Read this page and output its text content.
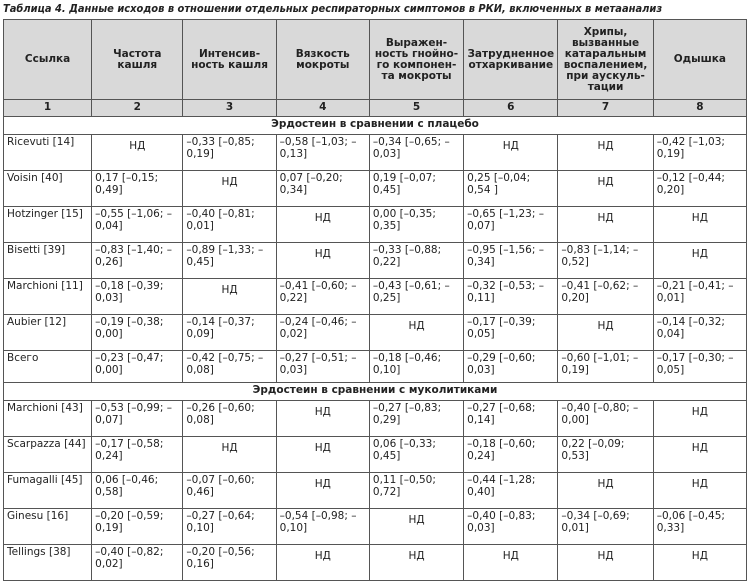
Таблица 4. Данные исходов в отношении отдельных респираторных симптомов в РКИ, включенных в метаанализ
Ссылка	Частота кашля	Интенсив-ность кашля	Вязкость мокроты	Выражен-ность гнойно-го компонен-та мокроты	Затрудненное отхаркивание	Хрипы, вызванные катаральным воспалением, при аускуль-тации	Одышка
1	2	3	4	5	6	7	8
Эрдостеин в сравнении с плацебо							
Ricevuti [14]	НД	–0,33 [–0,85; 0,19]	–0,58 [–1,03; –0,13]	–0,34 [–0,65; –0,03]	НД	НД	–0,42 [–1,03; 0,19]
Voisin [40]	0,17 [–0,15; 0,49]	НД	0,07 [–0,20; 0,34]	0,19 [–0,07; 0,45]	0,25 [–0,04; 0,54 ]	НД	–0,12 [–0,44; 0,20]
Hotzinger [15]	–0,55 [–1,06; –0,04]	–0,40 [–0,81; 0,01]	НД	0,00 [–0,35; 0,35]	–0,65 [–1,23; –0,07]	НД	НД
Bisetti [39]	–0,83 [–1,40; –0,26]	–0,89 [–1,33; –0,45]	НД	–0,33 [–0,88; 0,22]	–0,95 [–1,56; –0,34]	–0,83 [–1,14; –0,52]	НД
Marchioni [11]	–0,18 [–0,39; 0,03]	НД	–0,41 [–0,60; –0,22]	–0,43 [–0,61; –0,25]	–0,32 [–0,53; –0,11]	–0,41 [–0,62; –0,20]	–0,21 [–0,41; –0,01]
Aubier [12]	–0,19 [–0,38; 0,00]	–0,14 [–0,37; 0,09]	–0,24 [–0,46; –0,02]	НД	–0,17 [–0,39; 0,05]	НД	–0,14 [–0,32; 0,04]
Всего	–0,23 [–0,47; 0,00]	–0,42 [–0,75; –0,08]	–0,27 [–0,51; –0,03]	–0,18 [–0,46; 0,10]	–0,29 [–0,60; 0,03]	–0,60 [–1,01; –0,19]	–0,17 [–0,30; –0,05]
Эрдостеин в сравнении с муколитиками							
Marchioni [43]	–0,53 [–0,99; –0,07]	–0,26 [–0,60; 0,08]	НД	–0,27 [–0,83; 0,29]	–0,27 [–0,68; 0,14]	–0,40 [–0,80; –0,00]	НД
Scarpazza [44]	–0,17 [–0,58; 0,24]	НД	НД	0,06 [–0,33; 0,45]	–0,18 [–0,60; 0,24]	0,22 [–0,09; 0,53]	НД
Fumagalli [45]	0,06 [–0,46; 0,58]	–0,07 [–0,60; 0,46]	НД	0,11 [–0,50; 0,72]	–0,44 [–1,28; 0,40]	НД	НД
Ginesu [16]	–0,20 [–0,59; 0,19]	–0,27 [–0,64; 0,10]	–0,54 [–0,98; –0,10]	НД	–0,40 [–0,83; 0,03]	–0,34 [–0,69; 0,01]	–0,06 [–0,45; 0,33]
Tellings [38]	–0,40 [–0,82; 0,02]	–0,20 [–0,56; 0,16]	НД	НД	НД	НД	НД
